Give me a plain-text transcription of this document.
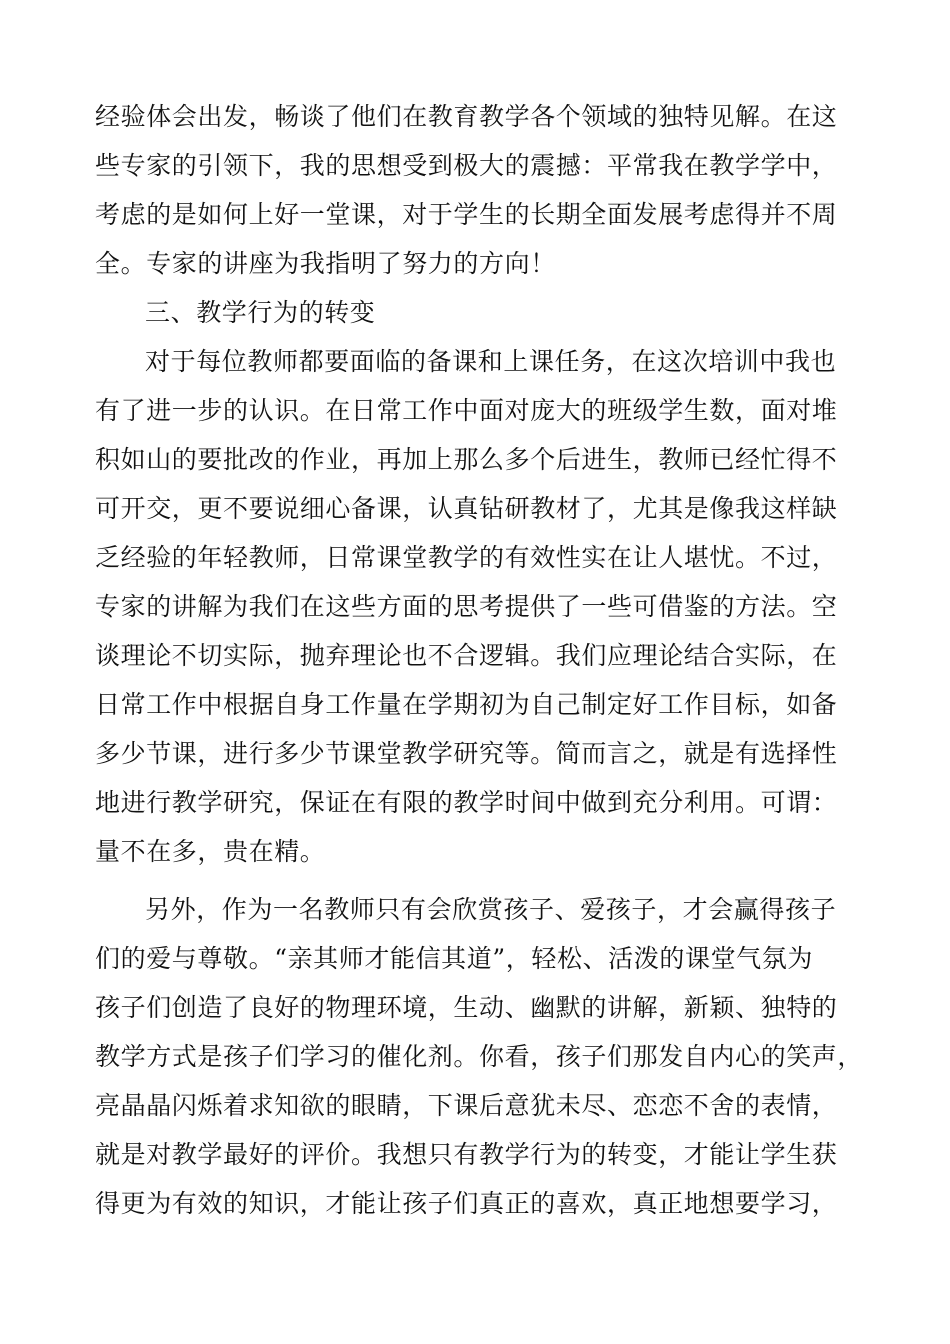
经验体会出发，畅谈了他们在教育教学各个领域的独特见解。在这
些专家的引领下，我的思想受到极大的震撼：平常我在教学学中，
考虑的是如何上好一堂课，对于学生的长期全面发展考虑得并不周
全。专家的讲座为我指明了努力的方向！
三、教学行为的转变
对于每位教师都要面临的备课和上课任务，在这次培训中我也
有了进一步的认识。在日常工作中面对庞大的班级学生数，面对堆
积如山的要批改的作业，再加上那么多个后进生，教师已经忙得不
可开交，更不要说细心备课，认真钻研教材了，尤其是像我这样缺
乏经验的年轻教师，日常课堂教学的有效性实在让人堪忧。不过，
专家的讲解为我们在这些方面的思考提供了一些可借鉴的方法。空
谈理论不切实际，抛弃理论也不合逻辑。我们应理论结合实际，在
日常工作中根据自身工作量在学期初为自己制定好工作目标，如备
多少节课，进行多少节课堂教学研究等。简而言之，就是有选择性
地进行教学研究，保证在有限的教学时间中做到充分利用。可谓：
量不在多，贵在精。
另外，作为一名教师只有会欣赏孩子、爱孩子，才会赢得孩子
们的爱与尊敬。“亲其师才能信其道”，轻松、活泼的课堂气氛为
孩子们创造了良好的物理环境，生动、幽默的讲解，新颖、独特的
教学方式是孩子们学习的催化剂。你看，孩子们那发自内心的笑声，
亮晶晶闪烁着求知欲的眼睛，下课后意犹未尽、恋恋不舍的表情，
就是对教学最好的评价。我想只有教学行为的转变，才能让学生获
得更为有效的知识，才能让孩子们真正的喜欢，真正地想要学习，
